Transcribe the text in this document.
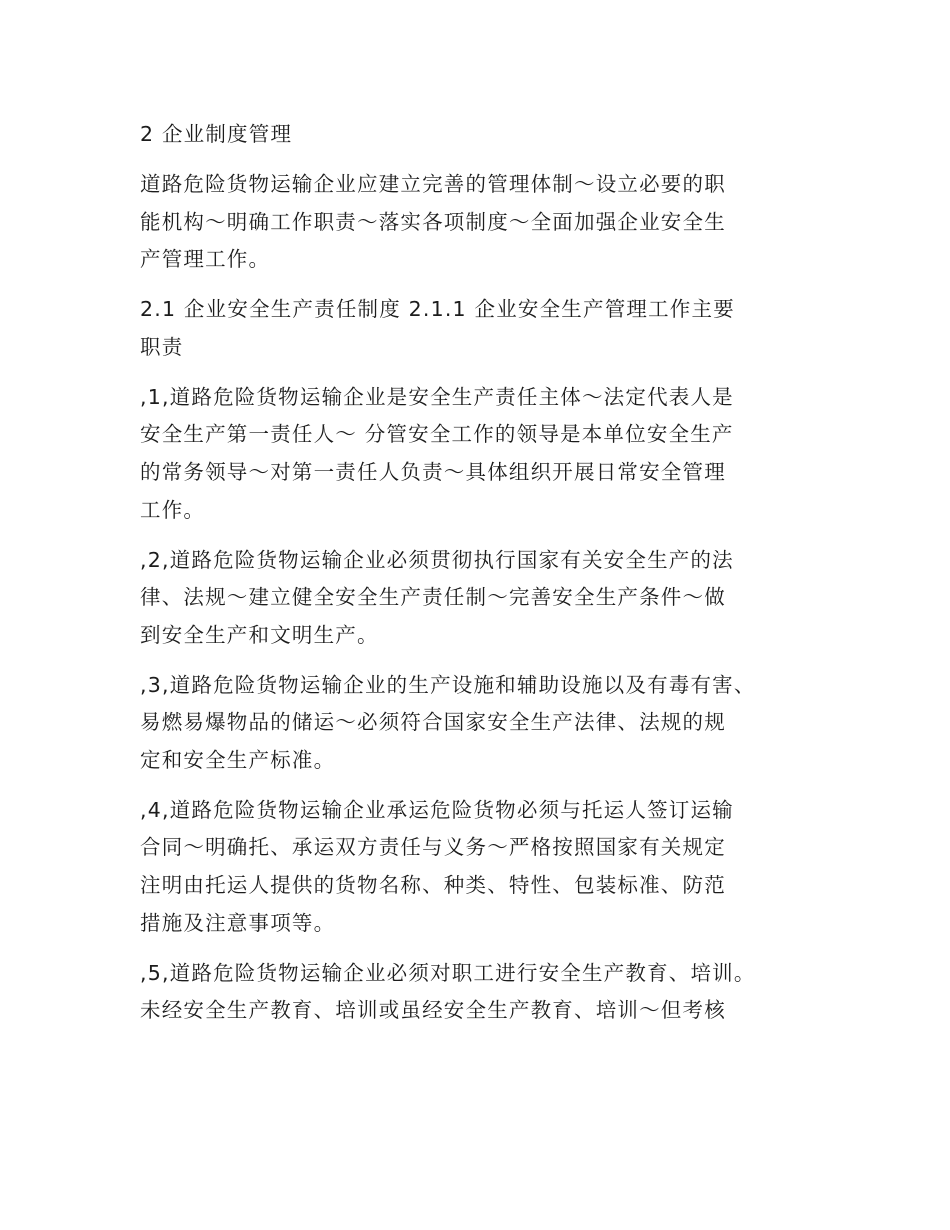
2 企业制度管理

道路危险货物运输企业应建立完善的管理体制～设立必要的职
能机构～明确工作职责～落实各项制度～全面加强企业安全生
产管理工作。

2.1 企业安全生产责任制度 2.1.1 企业安全生产管理工作主要
职责

,1,道路危险货物运输企业是安全生产责任主体～法定代表人是
安全生产第一责任人～ 分管安全工作的领导是本单位安全生产
的常务领导～对第一责任人负责～具体组织开展日常安全管理
工作。

,2,道路危险货物运输企业必须贯彻执行国家有关安全生产的法
律、法规～建立健全安全生产责任制～完善安全生产条件～做
到安全生产和文明生产。

,3,道路危险货物运输企业的生产设施和辅助设施以及有毒有害、
易燃易爆物品的储运～必须符合国家安全生产法律、法规的规
定和安全生产标准。

,4,道路危险货物运输企业承运危险货物必须与托运人签订运输
合同～明确托、承运双方责任与义务～严格按照国家有关规定
注明由托运人提供的货物名称、种类、特性、包装标准、防范
措施及注意事项等。

,5,道路危险货物运输企业必须对职工进行安全生产教育、培训。
未经安全生产教育、培训或虽经安全生产教育、培训～但考核
